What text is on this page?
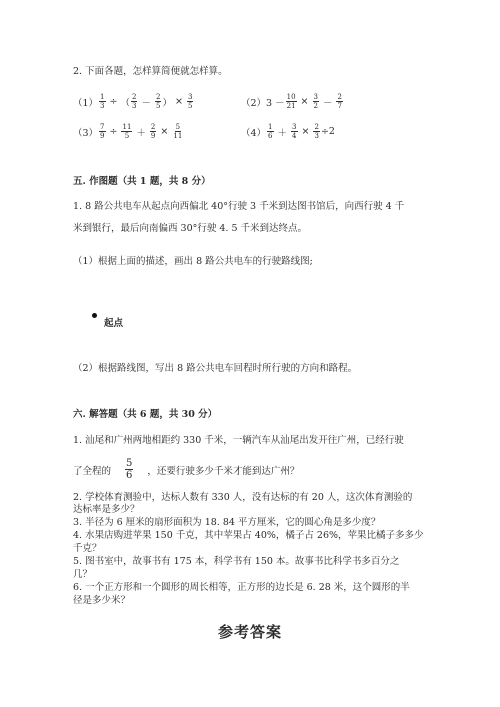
2. 下面各题，怎样算简便就怎样算。
$(1) \frac{1}{3}$ ÷ （ $\frac{2}{3} - \frac{2}{5}$ ） × $\frac{3}{5}$	$(2)3 - \frac{10}{21} \times \frac{3}{2} - \frac{2}{7}$
$(3) \frac{7}{9} \div \frac{11}{5} + \frac{2}{9} \times \frac{5}{11}$	$(4) \frac{1}{6} + \frac{3}{4} \times \frac{2}{3} \div 2$
五. 作图题（共 1 题，共 8 分）
1. 8 路公共电车从起点向西偏北 40°行驶 3 千米到达图书馆后，向西行驶 4 千
米到银行，最后向南偏西 30°行驶 4. 5 千米到达终点。
（1）根据上面的描述，画出 8 路公共电车的行驶路线图;
起点
（2）根据路线图，写出 8 路公共电车回程时所行驶的方向和路程。
六. 解答题（共 6 题，共 30 分）
1. 汕尾和广州两地相距约 330 千米，一辆汽车从汕尾出发开往广州，已经行驶
了全程的 $\frac{5}{6}$ ，还要行驶多少千米才能到达广州？
2. 学校体育测验中，达标人数有 330 人，没有达标的有 20 人，这次体育测验的
达标率是多少？
3. 半径为 6 厘米的扇形面积为 18. 84 平方厘米，它的圆心角是多少度？
4. 水果店购进苹果 150 千克，其中苹果占 40%，橘子占 26%，苹果比橘子多多少
千克？
5. 图书室中，故事书有 175 本，科学书有 150 本。故事书比科学书多百分之
几？
6. 一个正方形和一个圆形的周长相等，正方形的边长是 6. 28 米，这个圆形的半
径是多少米？
参考答案
